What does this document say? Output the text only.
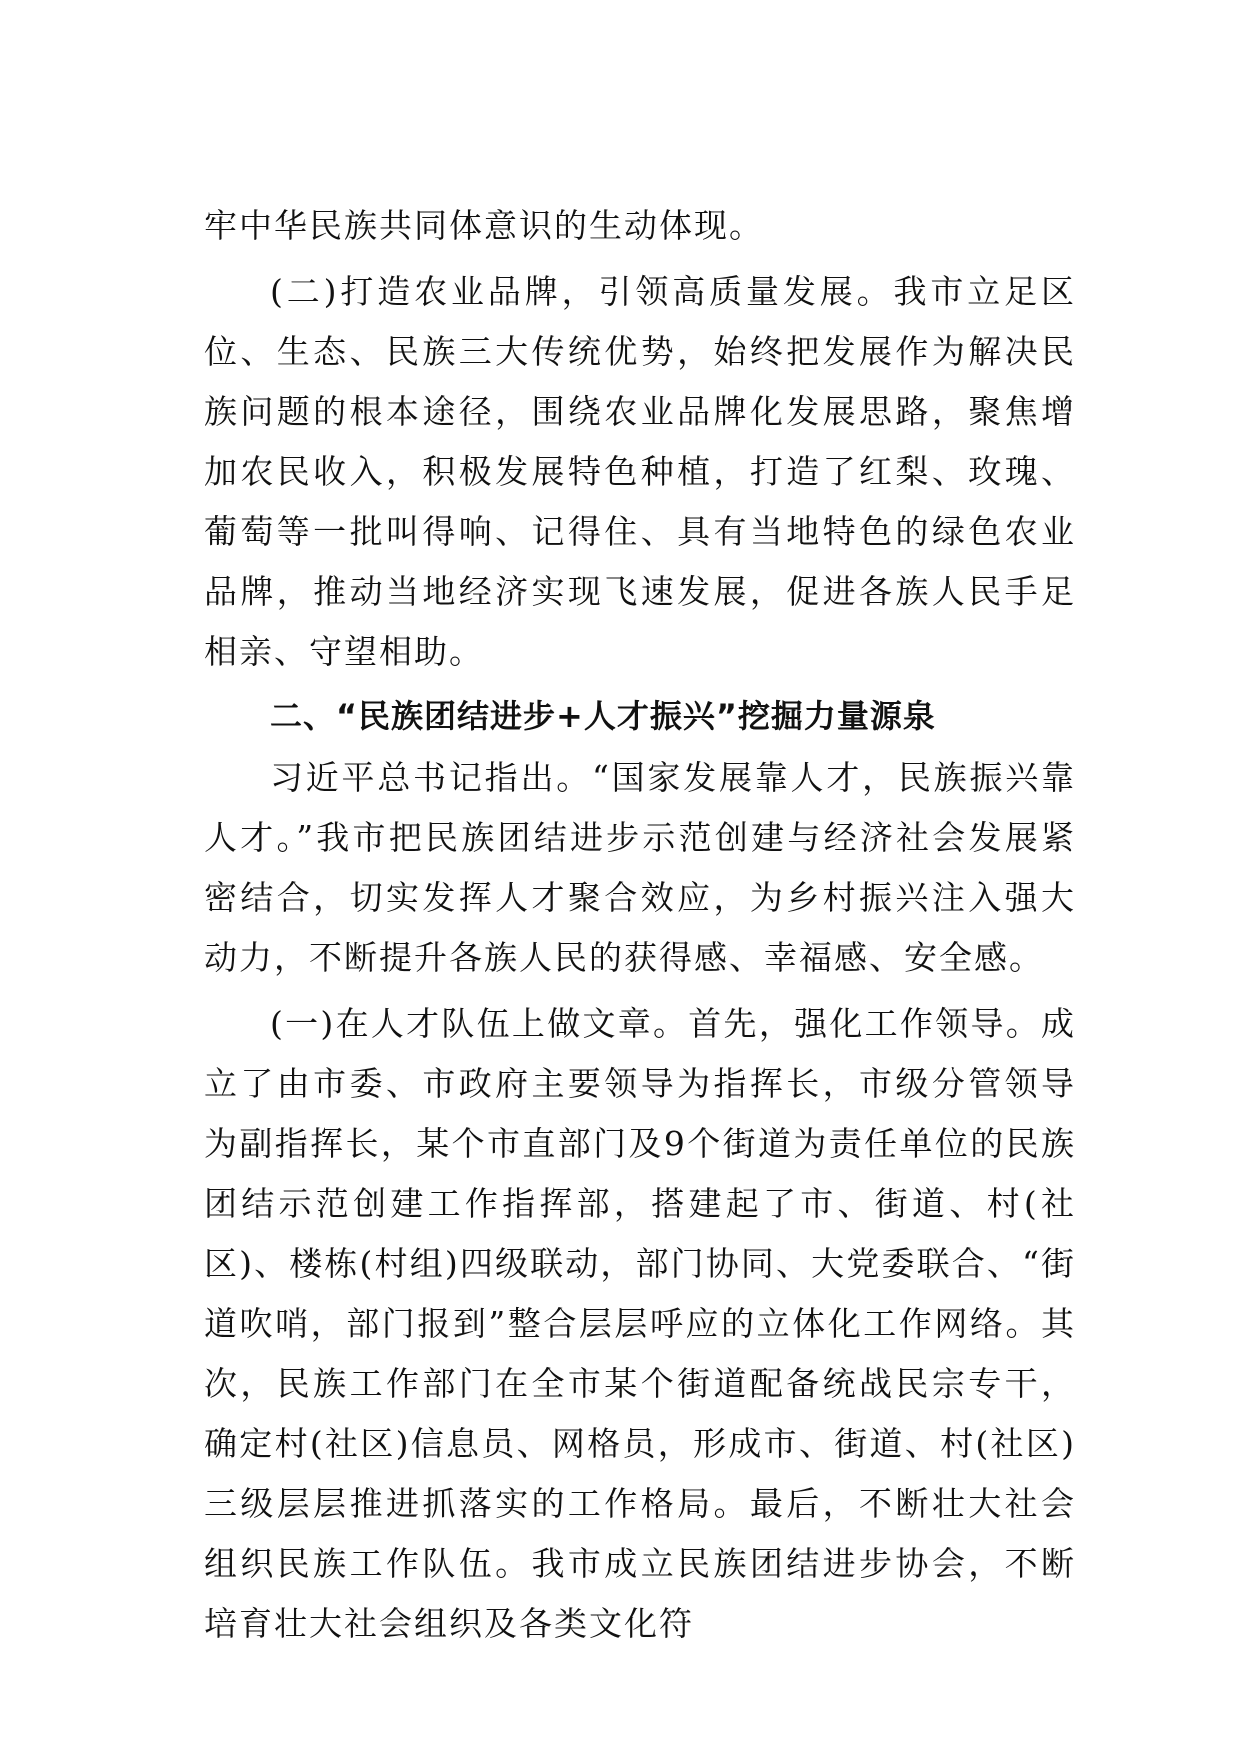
牢中华民族共同体意识的生动体现。

(二)打造农业品牌，引领高质量发展。我市立足区位、生态、民族三大传统优势，始终把发展作为解决民族问题的根本途径，围绕农业品牌化发展思路，聚焦增加农民收入，积极发展特色种植，打造了红梨、玫瑰、葡萄等一批叫得响、记得住、具有当地特色的绿色农业品牌，推动当地经济实现飞速发展，促进各族人民手足相亲、守望相助。

二、“民族团结进步+人才振兴”挖掘力量源泉

习近平总书记指出。“国家发展靠人才，民族振兴靠人才。”我市把民族团结进步示范创建与经济社会发展紧密结合，切实发挥人才聚合效应，为乡村振兴注入强大动力，不断提升各族人民的获得感、幸福感、安全感。

(一)在人才队伍上做文章。首先，强化工作领导。成立了由市委、市政府主要领导为指挥长，市级分管领导为副指挥长，某个市直部门及9个街道为责任单位的民族团结示范创建工作指挥部，搭建起了市、街道、村(社区)、楼栋(村组)四级联动，部门协同、大党委联合、“街道吹哨，部门报到”整合层层呼应的立体化工作网络。其次，民族工作部门在全市某个街道配备统战民宗专干，确定村(社区)信息员、网格员，形成市、街道、村(社区)三级层层推进抓落实的工作格局。最后，不断壮大社会组织民族工作队伍。我市成立民族团结进步协会，不断培育壮大社会组织及各类文化符
